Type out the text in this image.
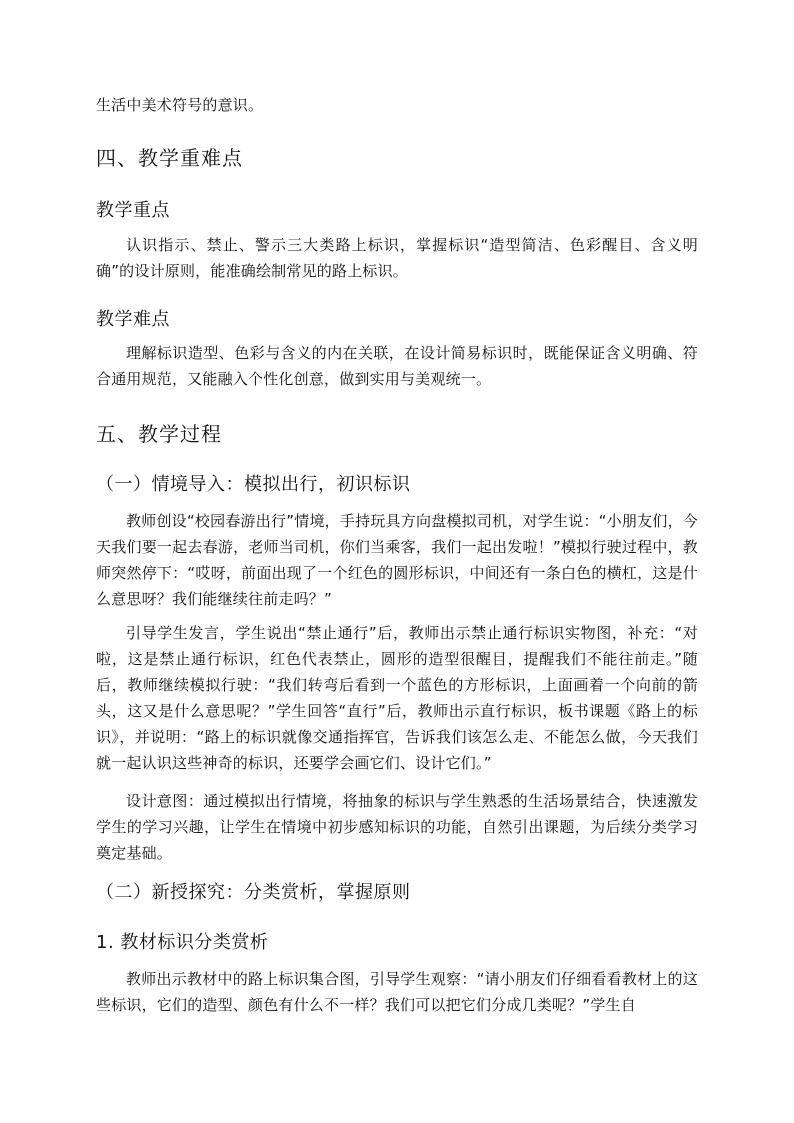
生活中美术符号的意识。

四、教学重难点
教学重点

认识指示、禁止、警示三大类路上标识，掌握标识“造型简洁、色彩醒目、含义明确”的设计原则，能准确绘制常见的路上标识。

教学难点

理解标识造型、色彩与含义的内在关联，在设计简易标识时，既能保证含义明确、符合通用规范，又能融入个性化创意，做到实用与美观统一。

五、教学过程
（一）情境导入：模拟出行，初识标识

教师创设“校园春游出行”情境，手持玩具方向盘模拟司机，对学生说：“小朋友们，今天我们要一起去春游，老师当司机，你们当乘客，我们一起出发啦！”模拟行驶过程中，教师突然停下：“哎呀，前面出现了一个红色的圆形标识，中间还有一条白色的横杠，这是什么意思呀？我们能继续往前走吗？”

引导学生发言，学生说出“禁止通行”后，教师出示禁止通行标识实物图，补充：“对啦，这是禁止通行标识，红色代表禁止，圆形的造型很醒目，提醒我们不能往前走。”随后，教师继续模拟行驶：“我们转弯后看到一个蓝色的方形标识，上面画着一个向前的箭头，这又是什么意思呢？”学生回答“直行”后，教师出示直行标识，板书课题《路上的标识》，并说明：“路上的标识就像交通指挥官，告诉我们该怎么走、不能怎么做，今天我们就一起认识这些神奇的标识，还要学会画它们、设计它们。”

设计意图：通过模拟出行情境，将抽象的标识与学生熟悉的生活场景结合，快速激发学生的学习兴趣，让学生在情境中初步感知标识的功能，自然引出课题，为后续分类学习奠定基础。

（二）新授探究：分类赏析，掌握原则
1. 教材标识分类赏析

教师出示教材中的路上标识集合图，引导学生观察：“请小朋友们仔细看看教材上的这些标识，它们的造型、颜色有什么不一样？我们可以把它们分成几类呢？”学生自
